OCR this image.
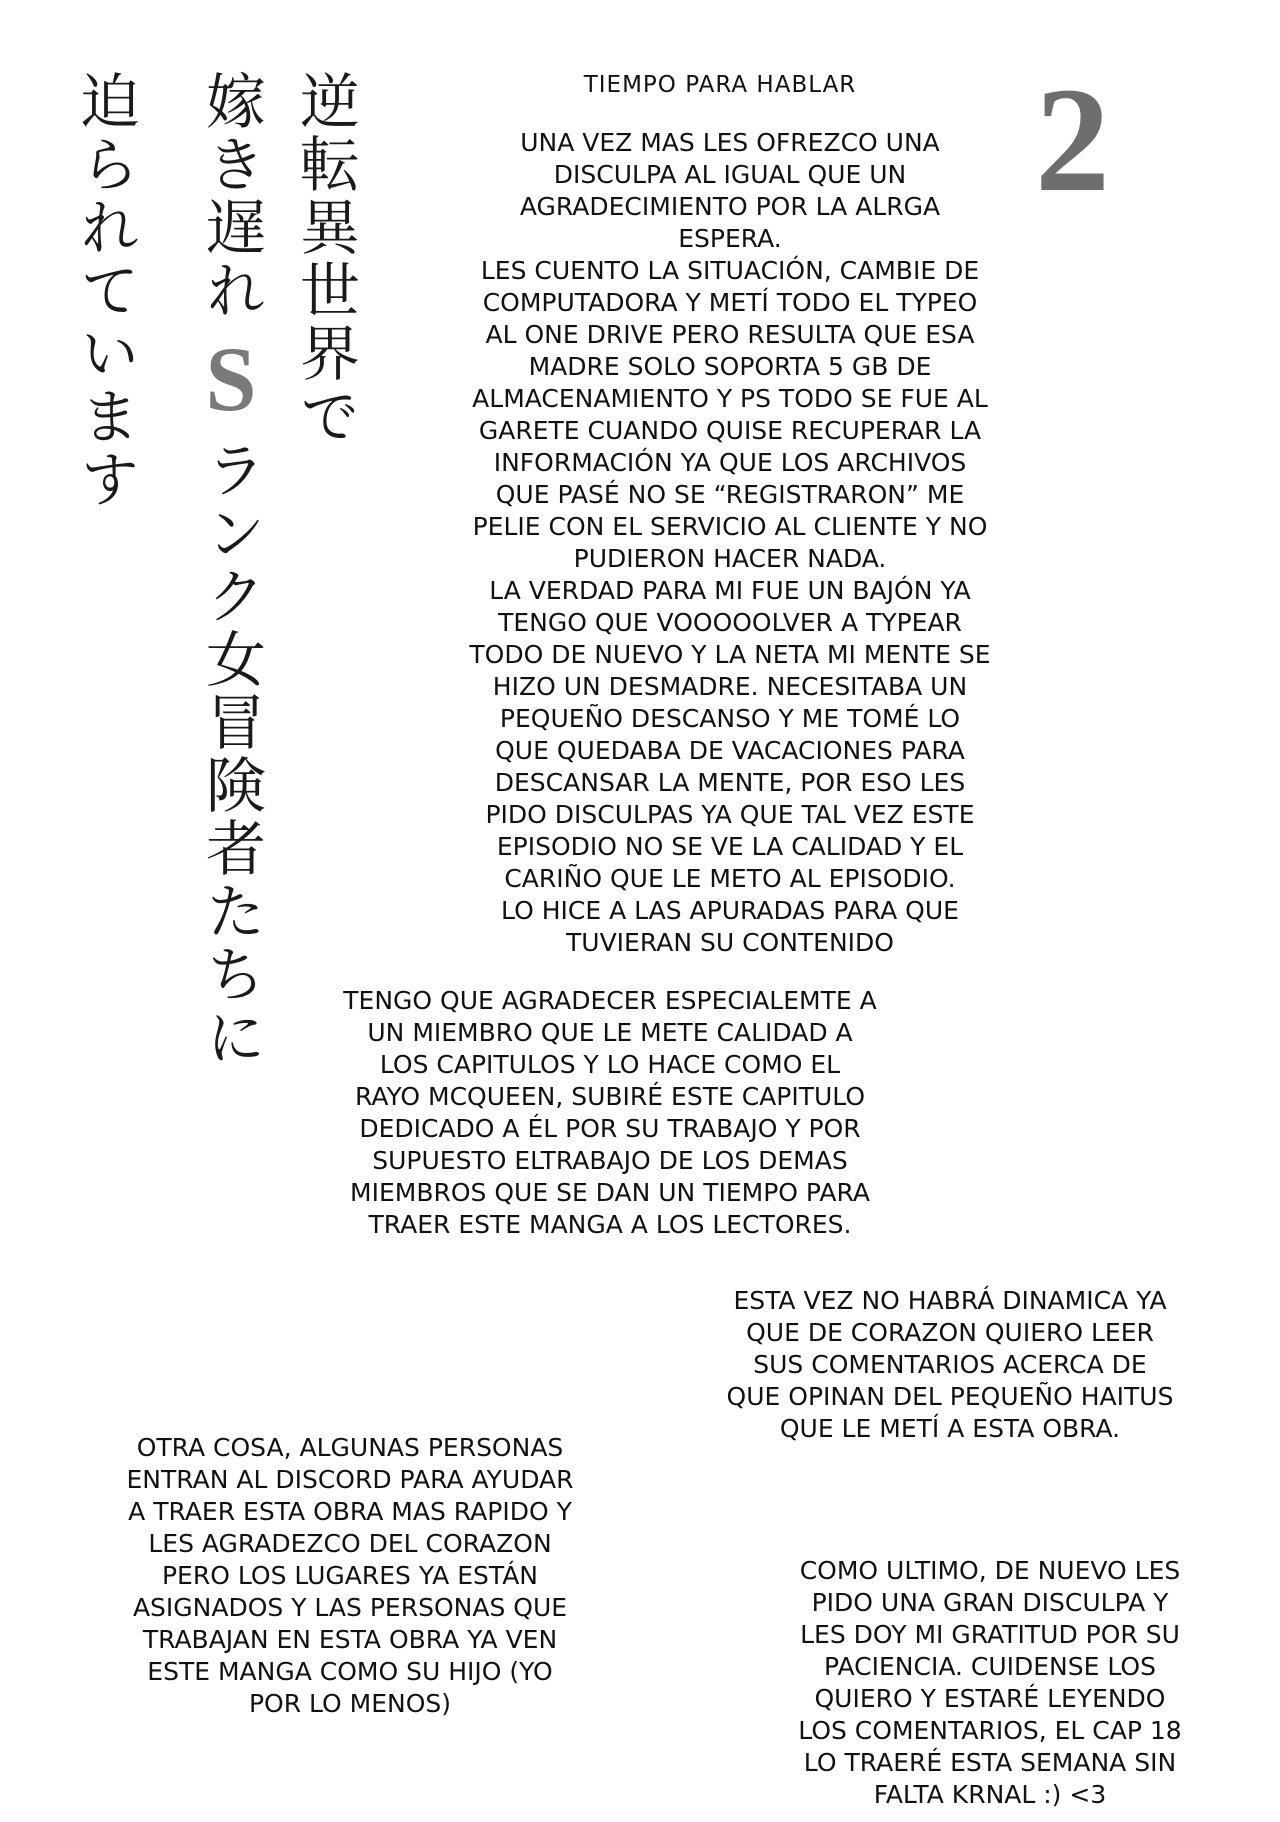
逆転異世界で
嫁き遅れSランク女冒険者たちに
迫られています	2
TIEMPO PARA HABLAR
UNA VEZ MAS LES OFREZCO UNA
DISCULPA AL IGUAL QUE UN
AGRADECIMIENTO POR LA ALRGA
ESPERA.
LES CUENTO LA SITUACIÓN, CAMBIE DE
COMPUTADORA Y METÍ TODO EL TYPEO
AL ONE DRIVE PERO RESULTA QUE ESA
MADRE SOLO SOPORTA 5 GB DE
ALMACENAMIENTO Y PS TODO SE FUE AL
GARETE CUANDO QUISE RECUPERAR LA
INFORMACIÓN YA QUE LOS ARCHIVOS
QUE PASÉ NO SE “REGISTRARON” ME
PELIE CON EL SERVICIO AL CLIENTE Y NO
PUDIERON HACER NADA.
LA VERDAD PARA MI FUE UN BAJÓN YA
TENGO QUE VOOOOOLVER A TYPEAR
TODO DE NUEVO Y LA NETA MI MENTE SE
HIZO UN DESMADRE. NECESITABA UN
PEQUEÑO DESCANSO Y ME TOMÉ LO
QUE QUEDABA DE VACACIONES PARA
DESCANSAR LA MENTE, POR ESO LES
PIDO DISCULPAS YA QUE TAL VEZ ESTE
EPISODIO NO SE VE LA CALIDAD Y EL
CARIÑO QUE LE METO AL EPISODIO.
LO HICE A LAS APURADAS PARA QUE
TUVIERAN SU CONTENIDO
TENGO QUE AGRADECER ESPECIALEMTE A
UN MIEMBRO QUE LE METE CALIDAD A
LOS CAPITULOS Y LO HACE COMO EL
RAYO MCQUEEN, SUBIRÉ ESTE CAPITULO
DEDICADO A ÉL POR SU TRABAJO Y POR
SUPUESTO ELTRABAJO DE LOS DEMAS
MIEMBROS QUE SE DAN UN TIEMPO PARA
TRAER ESTE MANGA A LOS LECTORES.
ESTA VEZ NO HABRÁ DINAMICA YA
QUE DE CORAZON QUIERO LEER
SUS COMENTARIOS ACERCA DE
QUE OPINAN DEL PEQUEÑO HAITUS
QUE LE METÍ A ESTA OBRA.
OTRA COSA, ALGUNAS PERSONAS
ENTRAN AL DISCORD PARA AYUDAR
A TRAER ESTA OBRA MAS RAPIDO Y
LES AGRADEZCO DEL CORAZON
PERO LOS LUGARES YA ESTÁN
ASIGNADOS Y LAS PERSONAS QUE
TRABAJAN EN ESTA OBRA YA VEN
ESTE MANGA COMO SU HIJO (YO
POR LO MENOS)
COMO ULTIMO, DE NUEVO LES
PIDO UNA GRAN DISCULPA Y
LES DOY MI GRATITUD POR SU
PACIENCIA. CUIDENSE LOS
QUIERO Y ESTARÉ LEYENDO
LOS COMENTARIOS, EL CAP 18
LO TRAERÉ ESTA SEMANA SIN
FALTA KRNAL :) <3
